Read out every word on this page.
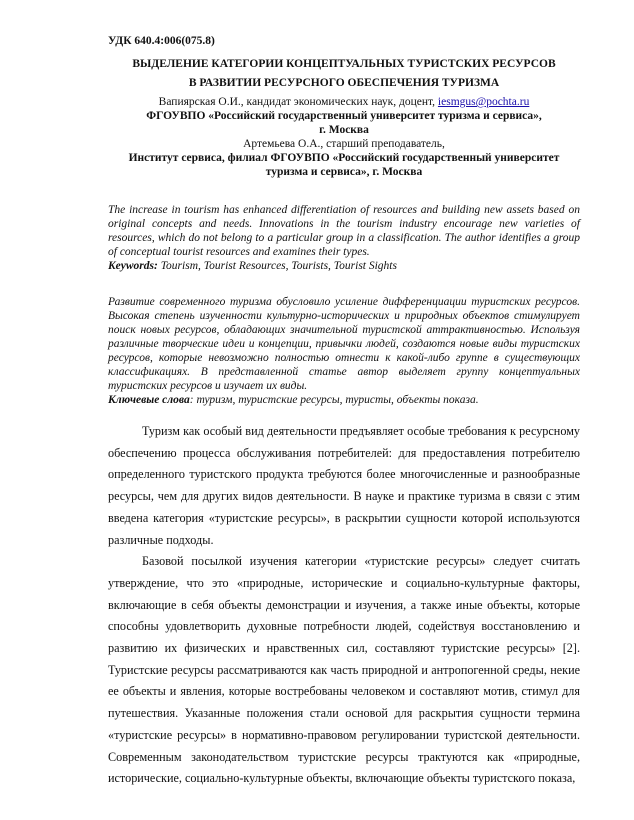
УДК 640.4:006(075.8)

ВЫДЕЛЕНИЕ КАТЕГОРИИ КОНЦЕПТУАЛЬНЫХ ТУРИСТСКИХ РЕСУРСОВ

В РАЗВИТИИ РЕСУРСНОГО ОБЕСПЕЧЕНИЯ ТУРИЗМА

Вапиярская О.И., кандидат экономических наук, доцент, iesmgus@pochta.ru
ФГОУВПО «Российский государственный университет туризма и сервиса»,
г. Москва
Артемьева О.А., старший преподаватель,
Институт сервиса, филиал ФГОУВПО «Российский государственный университет
туризма и сервиса», г. Москва

The increase in tourism has enhanced differentiation of resources and building new assets based on original concepts and needs. Innovations in the tourism industry encourage new varieties of resources, which do not belong to a particular group in a classification. The author identifies a group of conceptual tourist resources and examines their types.

Keywords: Tourism, Tourist Resources, Tourists, Tourist Sights

Развитие современного туризма обусловило усиление дифференциации туристских ресурсов. Высокая степень изученности культурно-исторических и природных объектов стимулирует поиск новых ресурсов, обладающих значительной туристской аттрактивностью. Используя различные творческие идеи и концепции, привычки людей, создаются новые виды туристских ресурсов, которые невозможно полностью отнести к какой-либо группе в существующих классификациях. В представленной статье автор выделяет группу концептуальных туристских ресурсов и изучает их виды.

Ключевые слова: туризм, туристские ресурсы, туристы, объекты показа.

Туризм как особый вид деятельности предъявляет особые требования к ресурсному обеспечению процесса обслуживания потребителей: для предоставления потребителю определенного туристского продукта требуются более многочисленные и разнообразные ресурсы, чем для других видов деятельности. В науке и практике туризма в связи с этим введена категория «туристские ресурсы», в раскрытии сущности которой используются различные подходы.

Базовой посылкой изучения категории «туристские ресурсы» следует считать утверждение, что это «природные, исторические и социально-культурные факторы, включающие в себя объекты демонстрации и изучения, а также иные объекты, которые способны удовлетворить духовные потребности людей, содействуя восстановлению и развитию их физических и нравственных сил, составляют туристские ресурсы» [2]. Туристские ресурсы рассматриваются как часть природной и антропогенной среды, некие ее объекты и явления, которые востребованы человеком и составляют мотив, стимул для путешествия. Указанные положения стали основой для раскрытия сущности термина «туристские ресурсы» в нормативно-правовом регулировании туристской деятельности. Современным законодательством туристские ресурсы трактуются как «природные, исторические, социально-культурные объекты, включающие объекты туристского показа,
